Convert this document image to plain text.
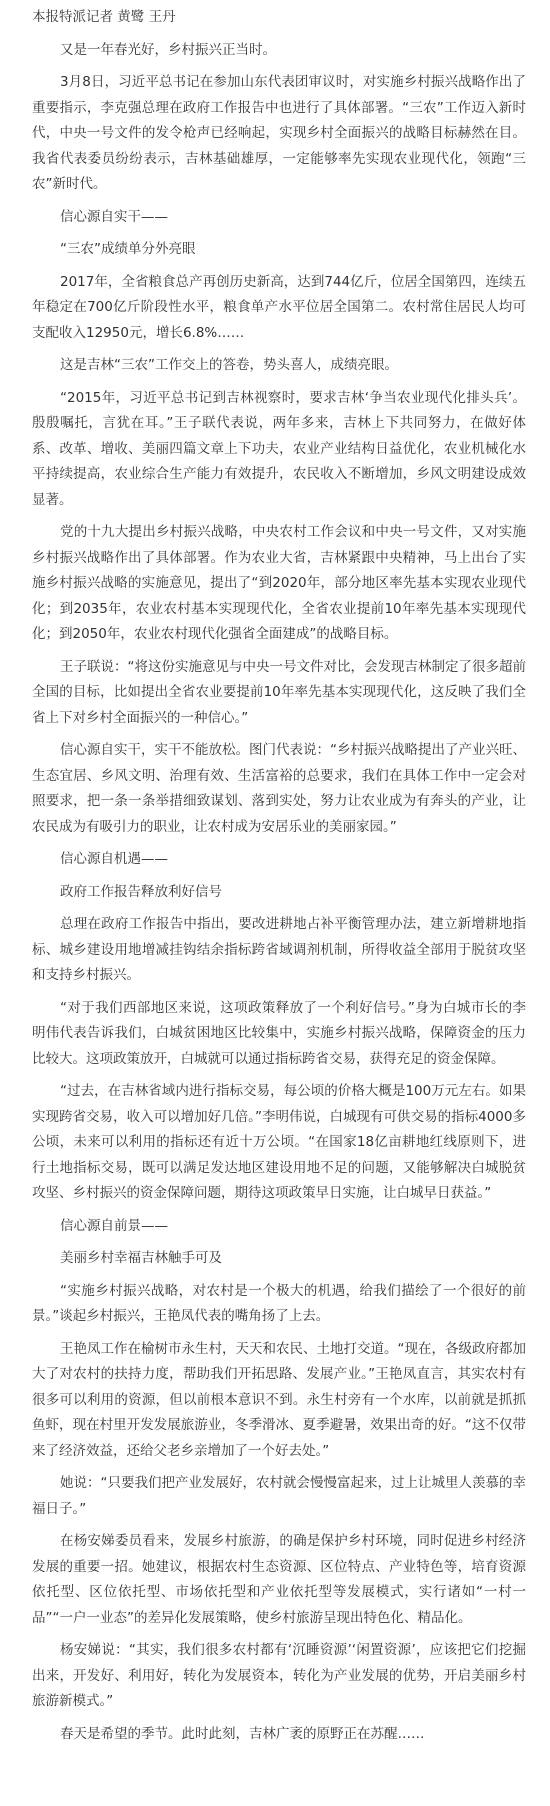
本报特派记者 黄鹭 王丹

又是一年春光好，乡村振兴正当时。

3月8日，习近平总书记在参加山东代表团审议时，对实施乡村振兴战略作出了重要指示，李克强总理在政府工作报告中也进行了具体部署。“三农”工作迈入新时代，中央一号文件的发令枪声已经响起，实现乡村全面振兴的战略目标赫然在目。我省代表委员纷纷表示，吉林基础雄厚，一定能够率先实现农业现代化，领跑“三农”新时代。

信心源自实干——

“三农”成绩单分外亮眼

2017年，全省粮食总产再创历史新高，达到744亿斤，位居全国第四，连续五年稳定在700亿斤阶段性水平，粮食单产水平位居全国第二。农村常住居民人均可支配收入12950元，增长6.8%……

这是吉林“三农”工作交上的答卷，势头喜人，成绩亮眼。

“2015年，习近平总书记到吉林视察时，要求吉林‘争当农业现代化排头兵’。殷殷嘱托，言犹在耳。”王子联代表说，两年多来，吉林上下共同努力，在做好体系、改革、增收、美丽四篇文章上下功夫，农业产业结构日益优化，农业机械化水平持续提高，农业综合生产能力有效提升，农民收入不断增加，乡风文明建设成效显著。

党的十九大提出乡村振兴战略，中央农村工作会议和中央一号文件，又对实施乡村振兴战略作出了具体部署。作为农业大省，吉林紧跟中央精神，马上出台了实施乡村振兴战略的实施意见，提出了“到2020年，部分地区率先基本实现农业现代化；到2035年，农业农村基本实现现代化，全省农业提前10年率先基本实现现代化；到2050年，农业农村现代化强省全面建成”的战略目标。

王子联说：“将这份实施意见与中央一号文件对比，会发现吉林制定了很多超前全国的目标，比如提出全省农业要提前10年率先基本实现现代化，这反映了我们全省上下对乡村全面振兴的一种信心。”

信心源自实干，实干不能放松。图门代表说：“乡村振兴战略提出了产业兴旺、生态宜居、乡风文明、治理有效、生活富裕的总要求，我们在具体工作中一定会对照要求，把一条一条举措细致谋划、落到实处，努力让农业成为有奔头的产业，让农民成为有吸引力的职业，让农村成为安居乐业的美丽家园。”

信心源自机遇——

政府工作报告释放利好信号

总理在政府工作报告中指出，要改进耕地占补平衡管理办法，建立新增耕地指标、城乡建设用地增减挂钩结余指标跨省域调剂机制，所得收益全部用于脱贫攻坚和支持乡村振兴。

“对于我们西部地区来说，这项政策释放了一个利好信号。”身为白城市长的李明伟代表告诉我们，白城贫困地区比较集中，实施乡村振兴战略，保障资金的压力比较大。这项政策放开，白城就可以通过指标跨省交易，获得充足的资金保障。

“过去，在吉林省域内进行指标交易，每公顷的价格大概是100万元左右。如果实现跨省交易，收入可以增加好几倍。”李明伟说，白城现有可供交易的指标4000多公顷，未来可以利用的指标还有近十万公顷。“在国家18亿亩耕地红线原则下，进行土地指标交易，既可以满足发达地区建设用地不足的问题，又能够解决白城脱贫攻坚、乡村振兴的资金保障问题，期待这项政策早日实施，让白城早日获益。”

信心源自前景——

美丽乡村幸福吉林触手可及

“实施乡村振兴战略，对农村是一个极大的机遇，给我们描绘了一个很好的前景。”谈起乡村振兴，王艳凤代表的嘴角扬了上去。

王艳凤工作在榆树市永生村，天天和农民、土地打交道。“现在，各级政府都加大了对农村的扶持力度，帮助我们开拓思路、发展产业。”王艳凤直言，其实农村有很多可以利用的资源，但以前根本意识不到。永生村旁有一个水库，以前就是抓抓鱼虾，现在村里开发发展旅游业，冬季滑冰、夏季避暑，效果出奇的好。“这不仅带来了经济效益，还给父老乡亲增加了一个好去处。”

她说：“只要我们把产业发展好，农村就会慢慢富起来，过上让城里人羡慕的幸福日子。”

在杨安娣委员看来，发展乡村旅游，的确是保护乡村环境，同时促进乡村经济发展的重要一招。她建议，根据农村生态资源、区位特点、产业特色等，培育资源依托型、区位依托型、市场依托型和产业依托型等发展模式，实行诸如“一村一品”“一户一业态”的差异化发展策略，使乡村旅游呈现出特色化、精品化。

杨安娣说：“其实，我们很多农村都有‘沉睡资源’‘闲置资源’，应该把它们挖掘出来，开发好、利用好，转化为发展资本，转化为产业发展的优势，开启美丽乡村旅游新模式。”

春天是希望的季节。此时此刻，吉林广袤的原野正在苏醒……
